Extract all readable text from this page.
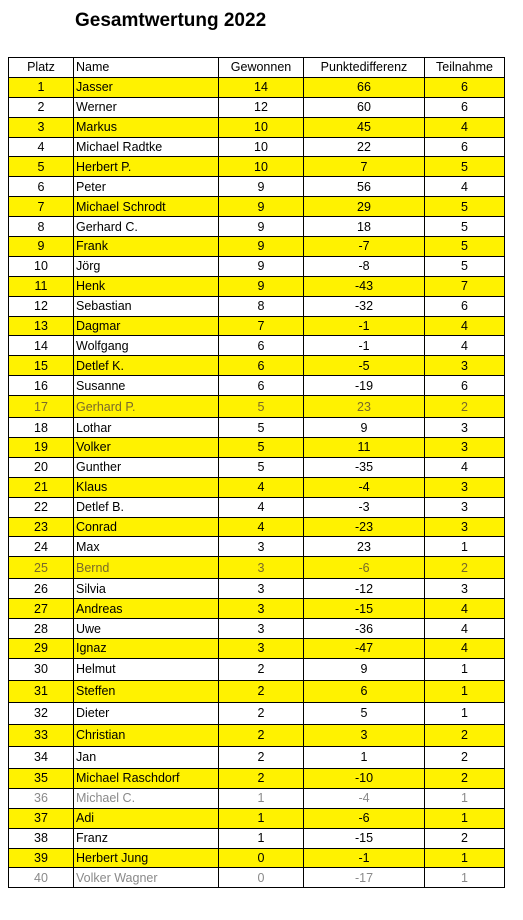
Gesamtwertung 2022
Platz	Name	Gewonnen	Punktedifferenz	Teilnahme
1	Jasser	14	66	6
2	Werner	12	60	6
3	Markus	10	45	4
4	Michael Radtke	10	22	6
5	Herbert P.	10	7	5
6	Peter	9	56	4
7	Michael Schrodt	9	29	5
8	Gerhard C.	9	18	5
9	Frank	9	-7	5
10	Jörg	9	-8	5
11	Henk	9	-43	7
12	Sebastian	8	-32	6
13	Dagmar	7	-1	4
14	Wolfgang	6	-1	4
15	Detlef K.	6	-5	3
16	Susanne	6	-19	6
17	Gerhard P.	5	23	2
18	Lothar	5	9	3
19	Volker	5	11	3
20	Gunther	5	-35	4
21	Klaus	4	-4	3
22	Detlef B.	4	-3	3
23	Conrad	4	-23	3
24	Max	3	23	1
25	Bernd	3	-6	2
26	Silvia	3	-12	3
27	Andreas	3	-15	4
28	Uwe	3	-36	4
29	Ignaz	3	-47	4
30	Helmut	2	9	1
31	Steffen	2	6	1
32	Dieter	2	5	1
33	Christian	2	3	2
34	Jan	2	1	2
35	Michael Raschdorf	2	-10	2
36	Michael C.	1	-4	1
37	Adi	1	-6	1
38	Franz	1	-15	2
39	Herbert Jung	0	-1	1
40	Volker Wagner	0	-17	1
